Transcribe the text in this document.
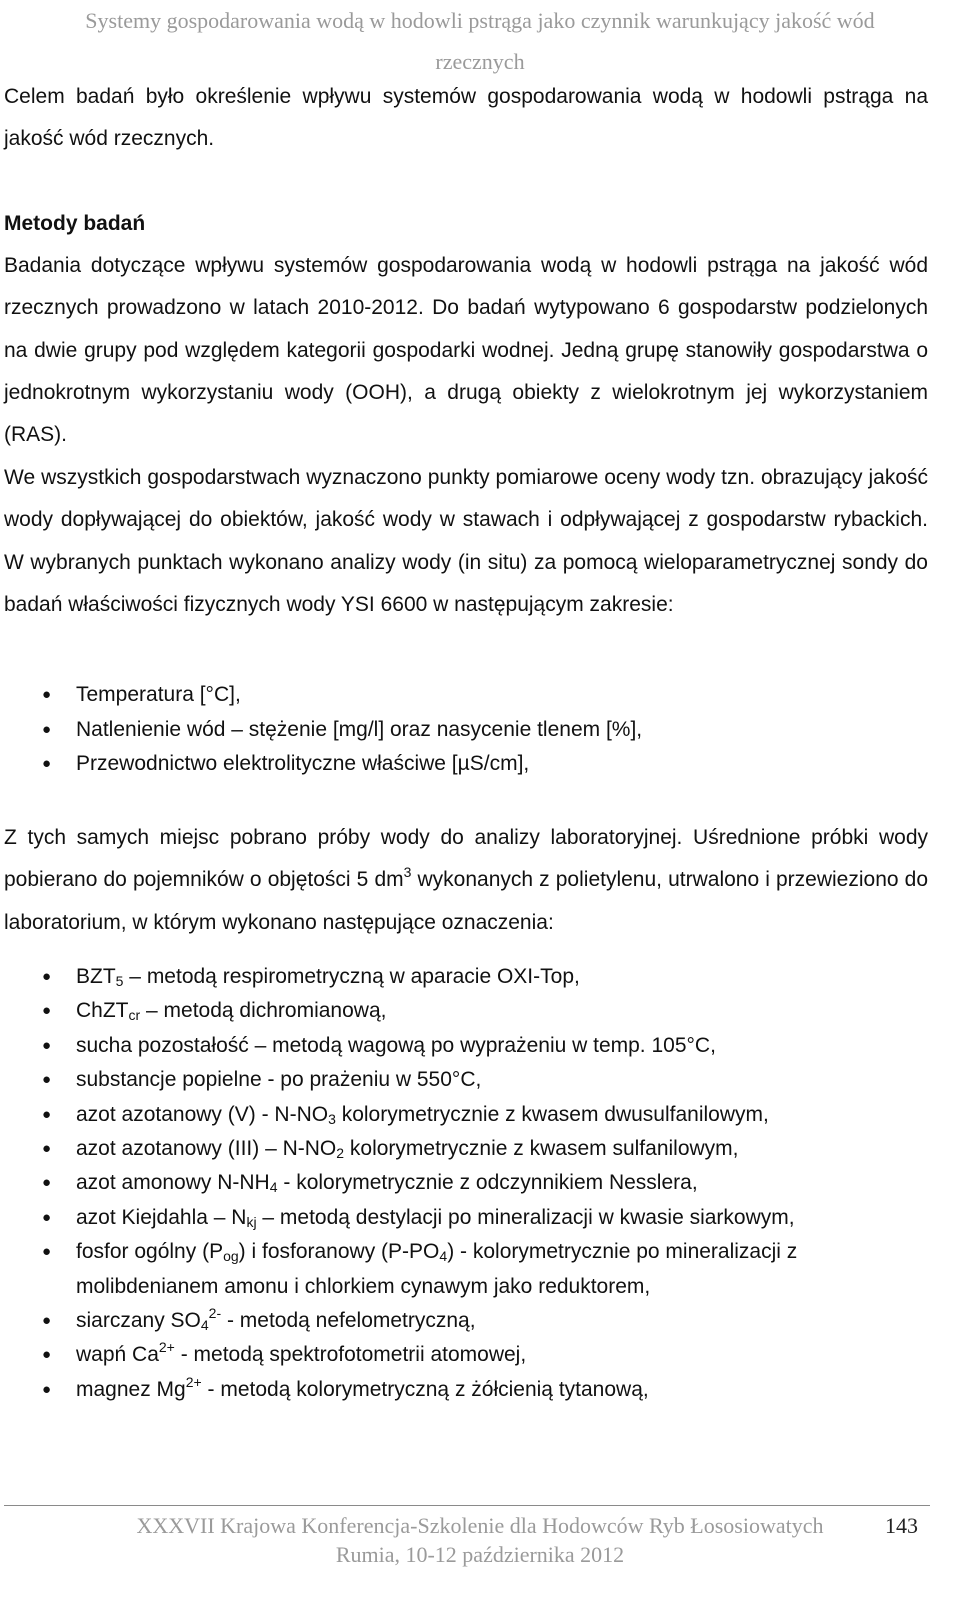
Systemy gospodarowania wodą w hodowli pstrąga jako czynnik warunkujący jakość wód
rzecznych

Celem badań było określenie wpływu systemów gospodarowania wodą w hodowli pstrąga na jakość wód rzecznych.

Metody badań

Badania dotyczące wpływu systemów gospodarowania wodą w hodowli pstrąga na jakość wód rzecznych prowadzono w latach 2010-2012. Do badań wytypowano 6 gospodarstw podzielonych na dwie grupy pod względem kategorii gospodarki wodnej. Jedną grupę stanowiły gospodarstwa o jednokrotnym wykorzystaniu wody (OOH), a drugą obiekty z wielokrotnym jej wykorzystaniem (RAS).

We wszystkich gospodarstwach wyznaczono punkty pomiarowe oceny wody tzn. obrazujący jakość wody dopływającej do obiektów, jakość wody w stawach i odpływającej z gospodarstw rybackich. W wybranych punktach wykonano analizy wody (in situ) za pomocą wieloparametrycznej sondy do badań właściwości fizycznych wody YSI 6600 w następującym zakresie:

● Temperatura [°C],
● Natlenienie wód – stężenie [mg/l] oraz nasycenie tlenem [%],
● Przewodnictwo elektrolityczne właściwe [µS/cm],

Z tych samych miejsc pobrano próby wody do analizy laboratoryjnej. Uśrednione próbki wody pobierano do pojemników o objętości 5 $dm^3$ wykonanych z polietylenu, utrwalono i przewieziono do laboratorium, w którym wykonano następujące oznaczenia:

● $BZT_5$ – metodą respirometryczną w aparacie OXI-Top,
● ChZT$_{cr}$ – metodą dichromianową,
● sucha pozostałość – metodą wagową po wyprażeniu w temp. 105°C,
● substancje popielne - po prażeniu w 550°C,
● azot azotanowy $(V) - N-NO_3$ kolorymetrycznie z kwasem dwusulfanilowym,
● azot azotanowy $(III) - N-NO_2$ kolorymetrycznie z kwasem sulfanilowym,
● azot amonowy $N-NH_4$ - kolorymetrycznie z odczynnikiem Nesslera,
● azot Kiejdahla – $N_{kj}$ – metodą destylacji po mineralizacji w kwasie siarkowym,
● fosfor ogólny $(P_{og})$ i fosforanowy $(P-PO_4)$ - kolorymetrycznie po mineralizacji z molibdenianem amonu i chlorkiem cynawym jako reduktorem,
● siarczany $SO_4^{2-}$ - metodą nefelometryczną,
● wapń $Ca^{2+}$ - metodą spektrofotometrii atomowej,
● magnez $Mg^{2+}$ - metodą kolorymetryczną z żółcienią tytanową,
XXXVII Krajowa Konferencja-Szkolenie dla Hodowców Ryb Łososiowatych
Rumia, 10-12 października 2012
143
